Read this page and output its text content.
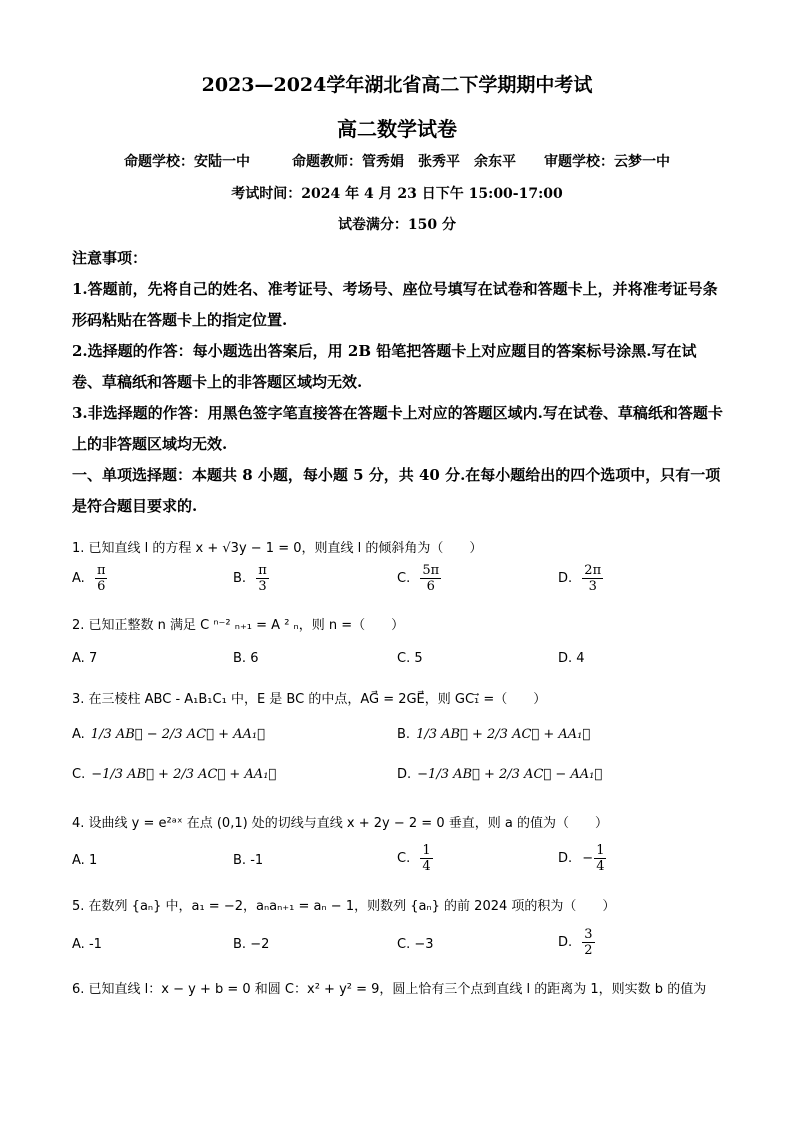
2023—2024学年湖北省高二下学期期中考试
高二数学试卷
命题学校：安陆一中　　　命题教师：管秀娟　张秀平　余东平　　审题学校：云梦一中
考试时间：2024 年 4 月 23 日下午 15:00-17:00
试卷满分：150 分
注意事项：
1.答题前，先将自己的姓名、准考证号、考场号、座位号填写在试卷和答题卡上，并将准考证号条形码粘贴在答题卡上的指定位置.
2.选择题的作答：每小题选出答案后，用 2B 铅笔把答题卡上对应题目的答案标号涂黑.写在试卷、草稿纸和答题卡上的非答题区域均无效.
3.非选择题的作答：用黑色签字笔直接答在答题卡上对应的答题区域内.写在试卷、草稿纸和答题卡上的非答题区域均无效.
一、单项选择题：本题共 8 小题，每小题 5 分，共 40 分.在每小题给出的四个选项中，只有一项是符合题目要求的.
1. 已知直线 l 的方程 x + √3y − 1 = 0，则直线 l 的倾斜角为（　　）
A. $\frac{\pi}{6}$	B. $\frac{\pi}{3}$	C. $\frac{5\pi}{6}$	D. $\frac{2\pi}{3}$
2. 已知正整数 n 满足 C ⁿ⁻² ₙ₊₁ = A ² ₙ，则 n =（　　）
A. 7	B. 6	C. 5	D. 4
3. 在三棱柱 ABC - A₁B₁C₁ 中，E 是 BC 的中点，AG⃗ = 2GE⃗，则 GC₁⃗ =（　　）
A. 1/3 AB⃗ − 2/3 AC⃗ + AA₁⃗	B. 1/3 AB⃗ + 2/3 AC⃗ + AA₁⃗
C. −1/3 AB⃗ + 2/3 AC⃗ + AA₁⃗	D. −1/3 AB⃗ + 2/3 AC⃗ − AA₁⃗
4. 设曲线 y = e²ᵃˣ 在点 (0,1) 处的切线与直线 x + 2y − 2 = 0 垂直，则 a 的值为（　　）
A. 1	B. -1	C. $\frac{1}{4}$	D. − $\frac{1}{4}$
5. 在数列 {aₙ} 中，a₁ = −2，aₙaₙ₊₁ = aₙ − 1，则数列 {aₙ} 的前 2024 项的积为（　　）
A. -1	B. −2	C. −3	D. $\frac{3}{2}$
6. 已知直线 l：x − y + b = 0 和圆 C：x² + y² = 9，圆上恰有三个点到直线 l 的距离为 1，则实数 b 的值为
